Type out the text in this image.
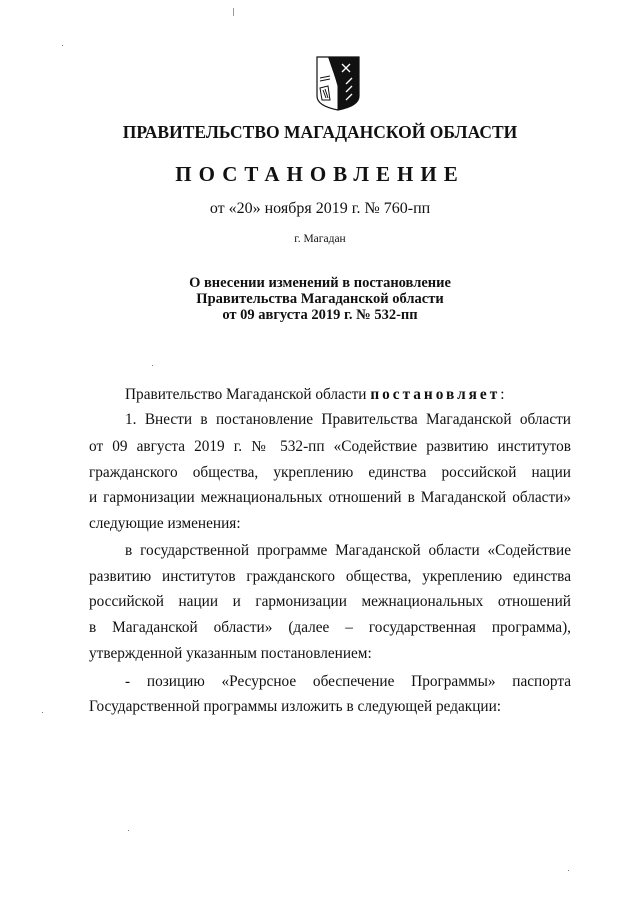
ПРАВИТЕЛЬСТВО МАГАДАНСКОЙ ОБЛАСТИ
ПОСТАНОВЛЕНИЕ
от «20» ноября 2019 г. № 760-пп
г. Магадан
О внесении изменений в постановление
Правительства Магаданской области
от 09 августа 2019 г. № 532-пп
Правительство Магаданской области постановляет:
1. Внести в постановление Правительства Магаданской области
от 09 августа 2019 г. № 532-пп «Содействие развитию институтов
гражданского общества, укреплению единства российской нации
и гармонизации межнациональных отношений в Магаданской области»
следующие изменения:
в государственной программе Магаданской области «Содействие
развитию институтов гражданского общества, укреплению единства
российской нации и гармонизации межнациональных отношений
в Магаданской области» (далее – государственная программа),
утвержденной указанным постановлением:
- позицию «Ресурсное обеспечение Программы» паспорта
Государственной программы изложить в следующей редакции:
